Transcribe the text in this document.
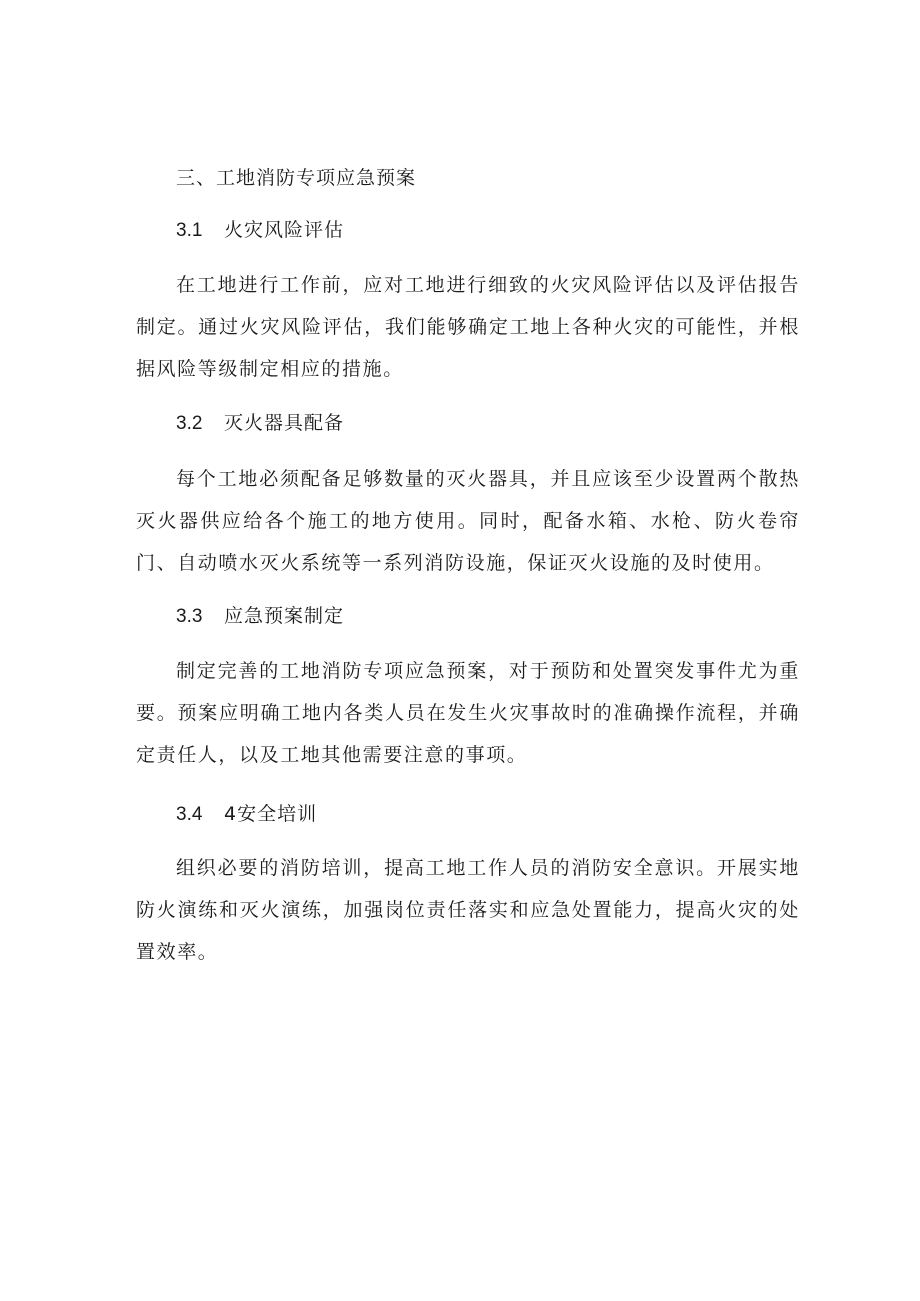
三、工地消防专项应急预案
3.1 火灾风险评估

在工地进行工作前，应对工地进行细致的火灾风险评估以及评估报告制定。通过火灾风险评估，我们能够确定工地上各种火灾的可能性，并根据风险等级制定相应的措施。

3.2 灭火器具配备

每个工地必须配备足够数量的灭火器具，并且应该至少设置两个散热灭火器供应给各个施工的地方使用。同时，配备水箱、水枪、防火卷帘门、自动喷水灭火系统等一系列消防设施，保证灭火设施的及时使用。

3.3 应急预案制定

制定完善的工地消防专项应急预案，对于预防和处置突发事件尤为重要。预案应明确工地内各类人员在发生火灾事故时的准确操作流程，并确定责任人，以及工地其他需要注意的事项。

3.4 4安全培训

组织必要的消防培训，提高工地工作人员的消防安全意识。开展实地防火演练和灭火演练，加强岗位责任落实和应急处置能力，提高火灾的处置效率。
